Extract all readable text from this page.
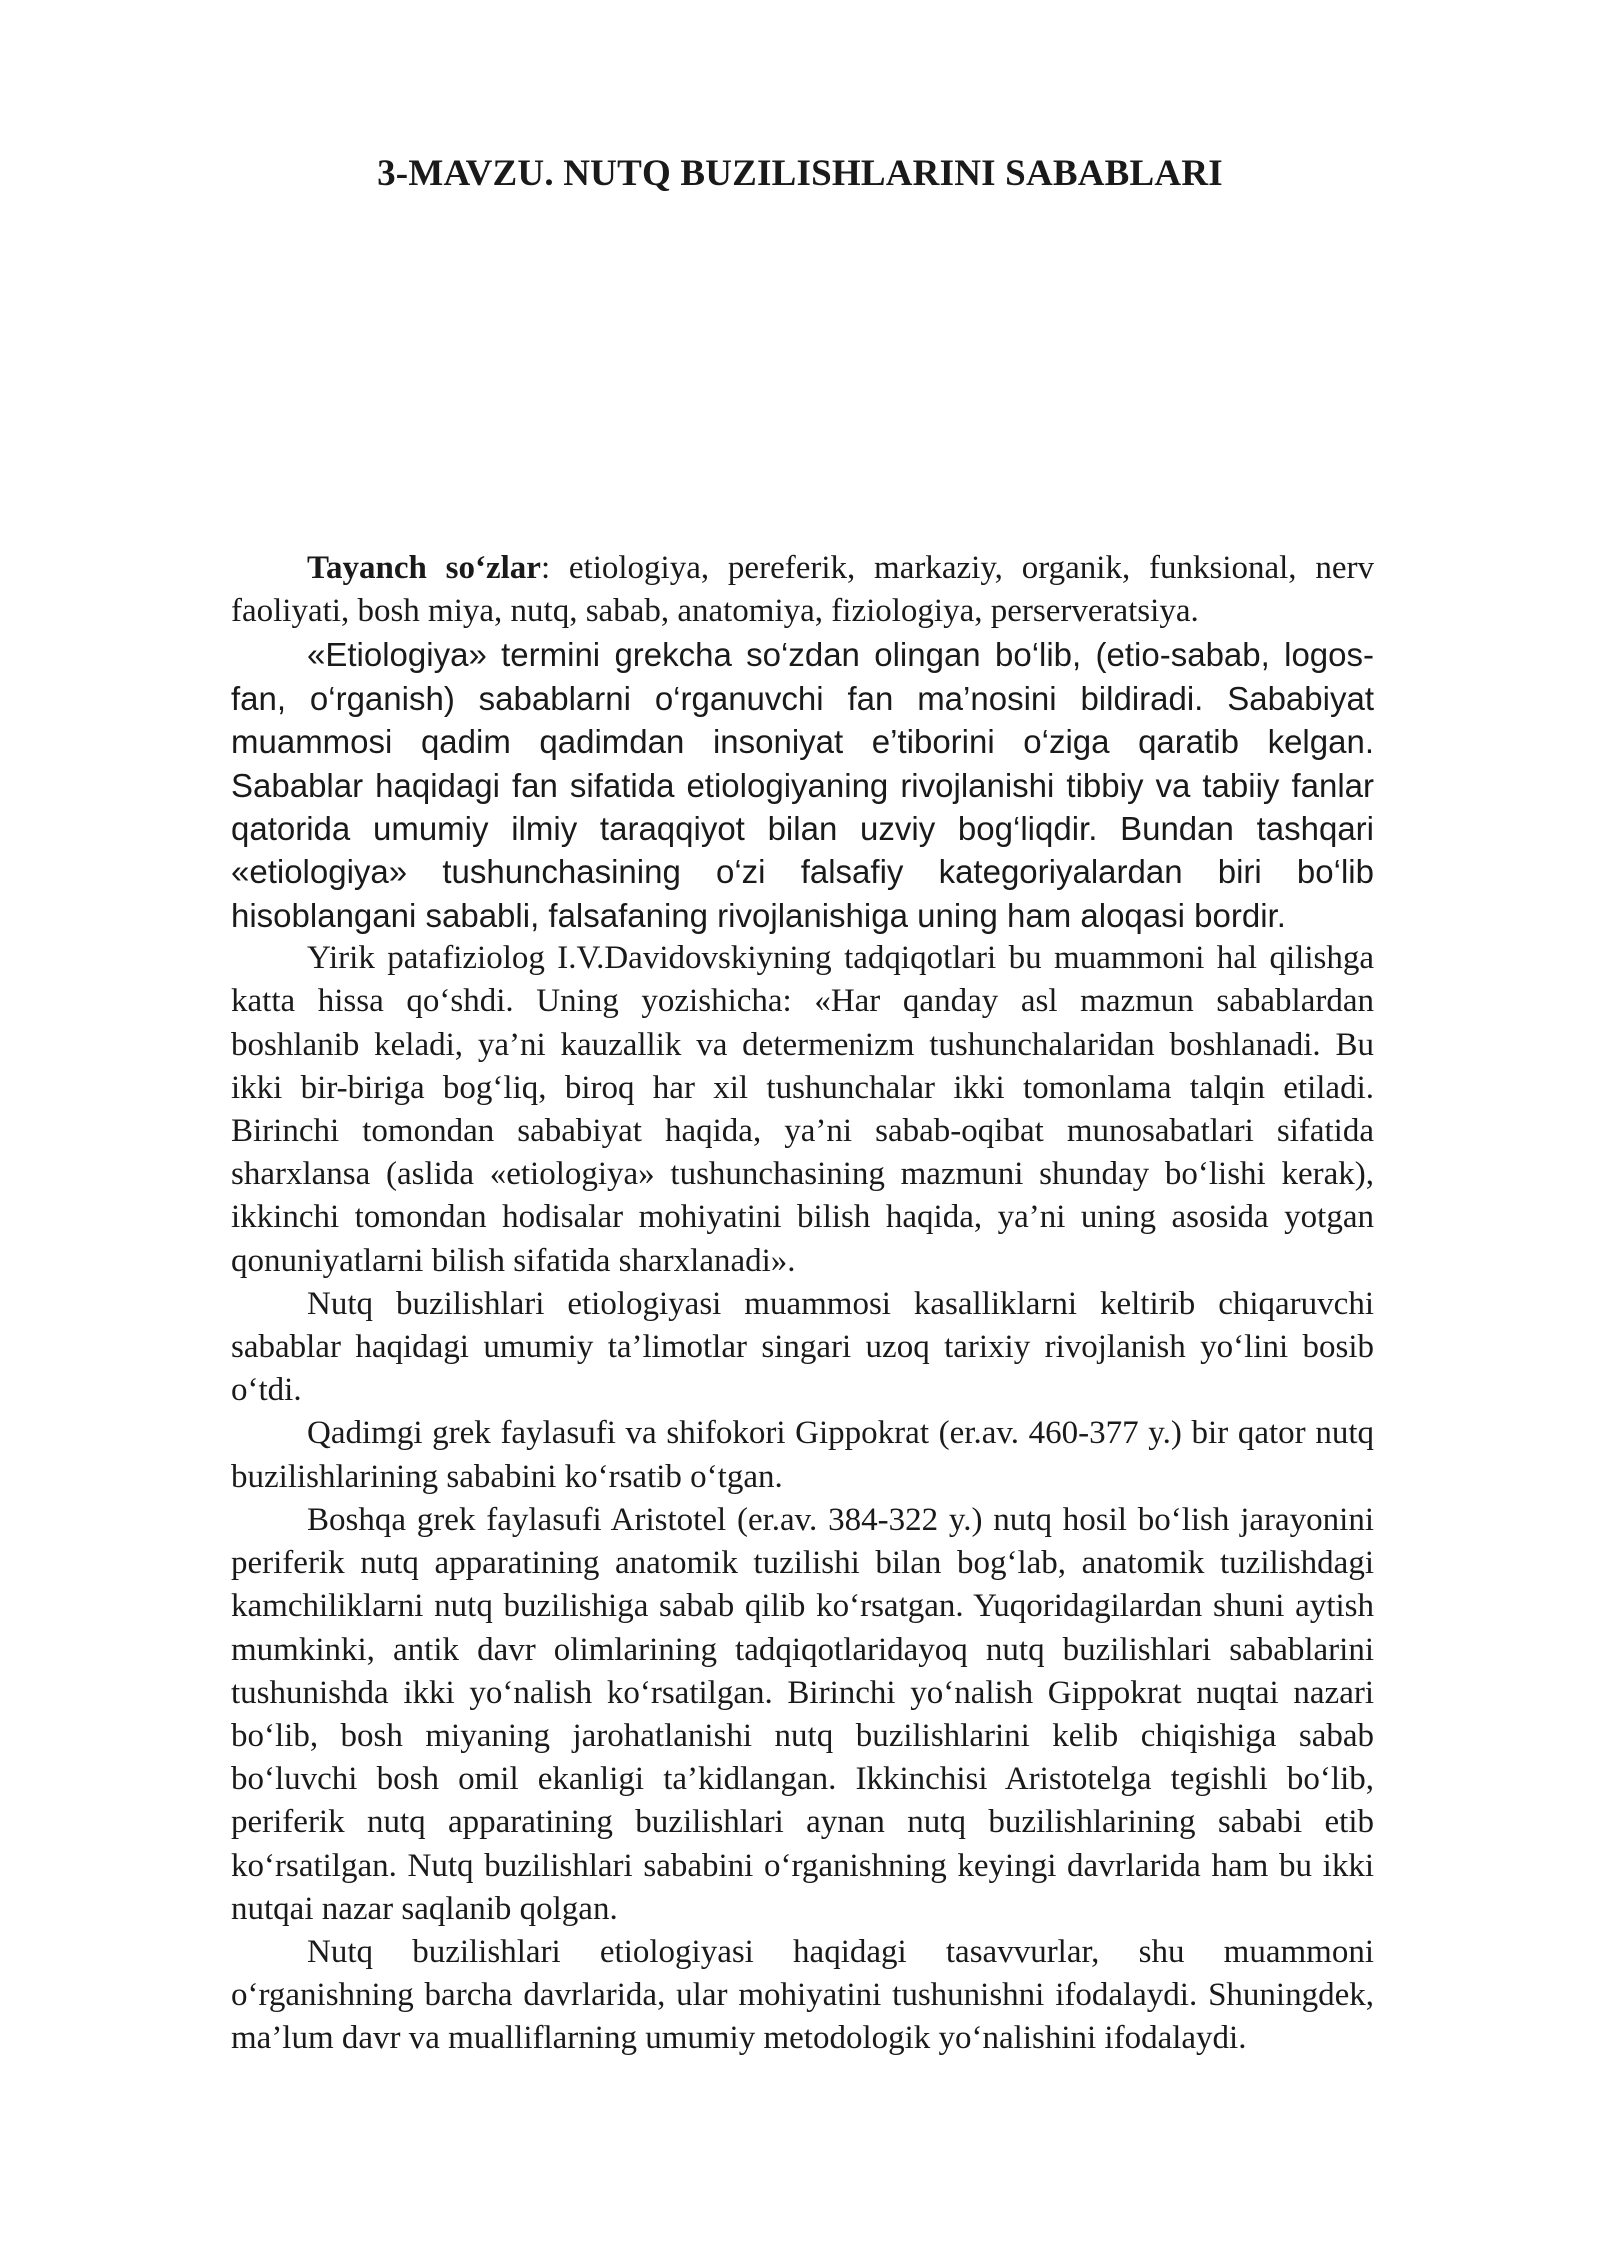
3-MAVZU. NUTQ BUZILISHLARINI SABABLARI

Tayanch so‘zlar: etiologiya, pereferik, markaziy, organik, funksional, nerv faoliyati, bosh miya, nutq, sabab, anatomiya, fiziologiya, perserveratsiya.

«Etiologiya» termini grekcha so‘zdan olingan bo‘lib, (etio-sabab, logos-fan, o‘rganish) sabablarni o‘rganuvchi fan ma’nosini bildiradi. Sababiyat muammosi qadim qadimdan insoniyat e’tiborini o‘ziga qaratib kelgan. Sabablar haqidagi fan sifatida etiologiyaning rivojlanishi tibbiy va tabiiy fanlar qatorida umumiy ilmiy taraqqiyot bilan uzviy bog‘liqdir. Bundan tashqari «etiologiya» tushunchasining o‘zi falsafiy kategoriyalardan biri bo‘lib hisoblangani sababli, falsafaning rivojlanishiga uning ham aloqasi bordir.

Yirik patafiziolog I.V.Davidovskiyning tadqiqotlari bu muammoni hal qilishga katta hissa qo‘shdi. Uning yozishicha: «Har qanday asl mazmun sabablardan boshlanib keladi, ya’ni kauzallik va determenizm tushunchalaridan boshlanadi. Bu ikki bir-biriga bog‘liq, biroq har xil tushunchalar ikki tomonlama talqin etiladi. Birinchi tomondan sababiyat haqida, ya’ni sabab-oqibat munosabatlari sifatida sharxlansa (aslida «etiologiya» tushunchasining mazmuni shunday bo‘lishi kerak), ikkinchi tomondan hodisalar mohiyatini bilish haqida, ya’ni uning asosida yotgan qonuniyatlarni bilish sifatida sharxlanadi».

Nutq buzilishlari etiologiyasi muammosi kasalliklarni keltirib chiqaruvchi sabablar haqidagi umumiy ta’limotlar singari uzoq tarixiy rivojlanish yo‘lini bosib o‘tdi.

Qadimgi grek faylasufi va shifokori Gippokrat (er.av. 460-377 y.) bir qator nutq buzilishlarining sababini ko‘rsatib o‘tgan.

Boshqa grek faylasufi Aristotel (er.av. 384-322 y.) nutq hosil bo‘lish jarayonini periferik nutq apparatining anatomik tuzilishi bilan bog‘lab, anatomik tuzilishdagi kamchiliklarni nutq buzilishiga sabab qilib ko‘rsatgan. Yuqoridagilardan shuni aytish mumkinki, antik davr olimlarining tadqiqotlaridayoq nutq buzilishlari sabablarini tushunishda ikki yo‘nalish ko‘rsatilgan. Birinchi yo‘nalish Gippokrat nuqtai nazari bo‘lib, bosh miyaning jarohatlanishi nutq buzilishlarini kelib chiqishiga sabab bo‘luvchi bosh omil ekanligi ta’kidlangan. Ikkinchisi Aristotelga tegishli bo‘lib, periferik nutq apparatining buzilishlari aynan nutq buzilishlarining sababi etib ko‘rsatilgan. Nutq buzilishlari sababini o‘rganishning keyingi davrlarida ham bu ikki nutqai nazar saqlanib qolgan.

Nutq buzilishlari etiologiyasi haqidagi tasavvurlar, shu muammoni o‘rganishning barcha davrlarida, ular mohiyatini tushunishni ifodalaydi. Shuningdek, ma’lum davr va mualliflarning umumiy metodologik yo‘nalishini ifodalaydi.
